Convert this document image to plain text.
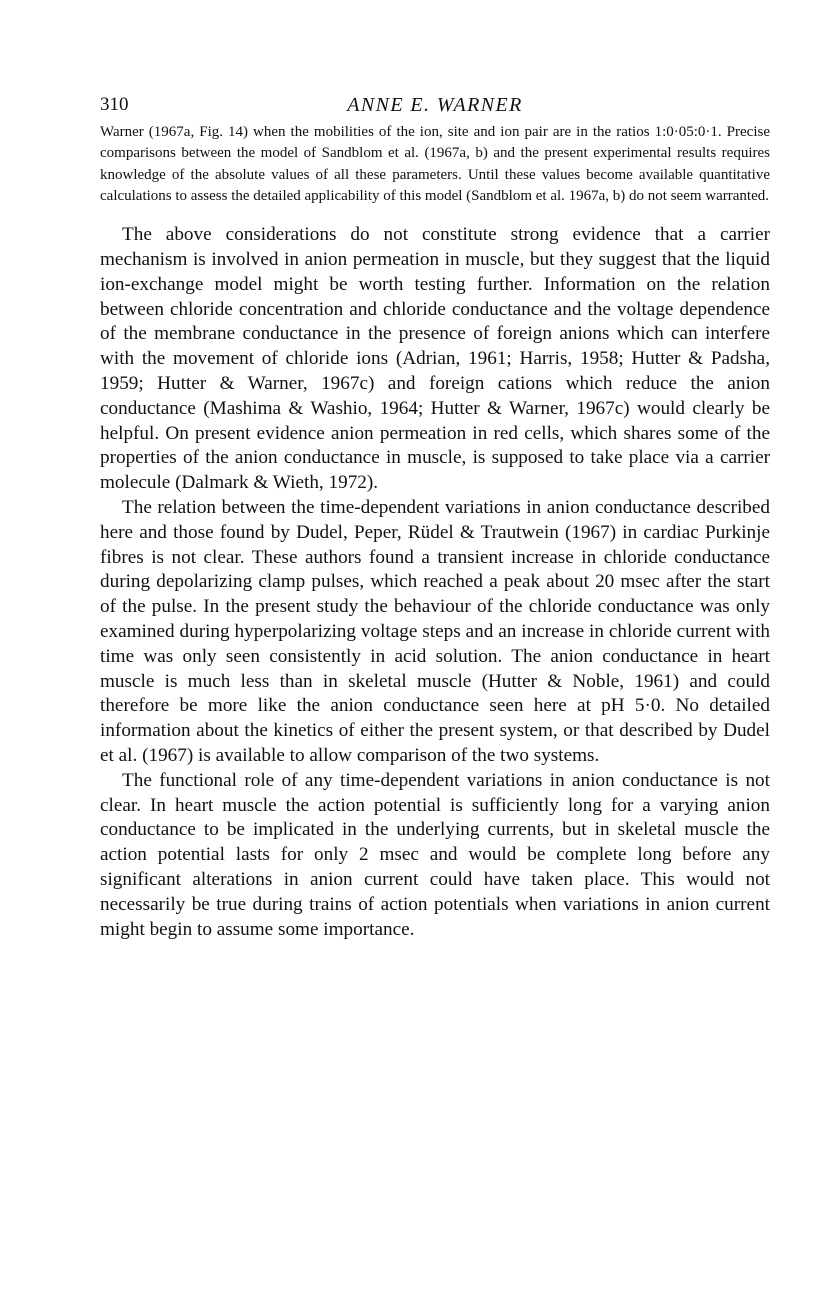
310	ANNE E. WARNER

Warner (1967a, Fig. 14) when the mobilities of the ion, site and ion pair are in the ratios 1:0·05:0·1. Precise comparisons between the model of Sandblom et al. (1967a, b) and the present experimental results requires knowledge of the absolute values of all these parameters. Until these values become available quantitative calculations to assess the detailed applicability of this model (Sandblom et al. 1967a, b) do not seem warranted.

The above considerations do not constitute strong evidence that a carrier mechanism is involved in anion permeation in muscle, but they suggest that the liquid ion-exchange model might be worth testing further. Information on the relation between chloride concentration and chloride conductance and the voltage dependence of the membrane conductance in the presence of foreign anions which can interfere with the movement of chloride ions (Adrian, 1961; Harris, 1958; Hutter & Padsha, 1959; Hutter & Warner, 1967c) and foreign cations which reduce the anion conductance (Mashima & Washio, 1964; Hutter & Warner, 1967c) would clearly be helpful. On present evidence anion permeation in red cells, which shares some of the properties of the anion conductance in muscle, is supposed to take place via a carrier molecule (Dalmark & Wieth, 1972).

The relation between the time-dependent variations in anion conductance described here and those found by Dudel, Peper, Rüdel & Trautwein (1967) in cardiac Purkinje fibres is not clear. These authors found a transient increase in chloride conductance during depolarizing clamp pulses, which reached a peak about 20 msec after the start of the pulse. In the present study the behaviour of the chloride conductance was only examined during hyperpolarizing voltage steps and an increase in chloride current with time was only seen consistently in acid solution. The anion conductance in heart muscle is much less than in skeletal muscle (Hutter & Noble, 1961) and could therefore be more like the anion conductance seen here at pH 5·0. No detailed information about the kinetics of either the present system, or that described by Dudel et al. (1967) is available to allow comparison of the two systems.

The functional role of any time-dependent variations in anion conductance is not clear. In heart muscle the action potential is sufficiently long for a varying anion conductance to be implicated in the underlying currents, but in skeletal muscle the action potential lasts for only 2 msec and would be complete long before any significant alterations in anion current could have taken place. This would not necessarily be true during trains of action potentials when variations in anion current might begin to assume some importance.
